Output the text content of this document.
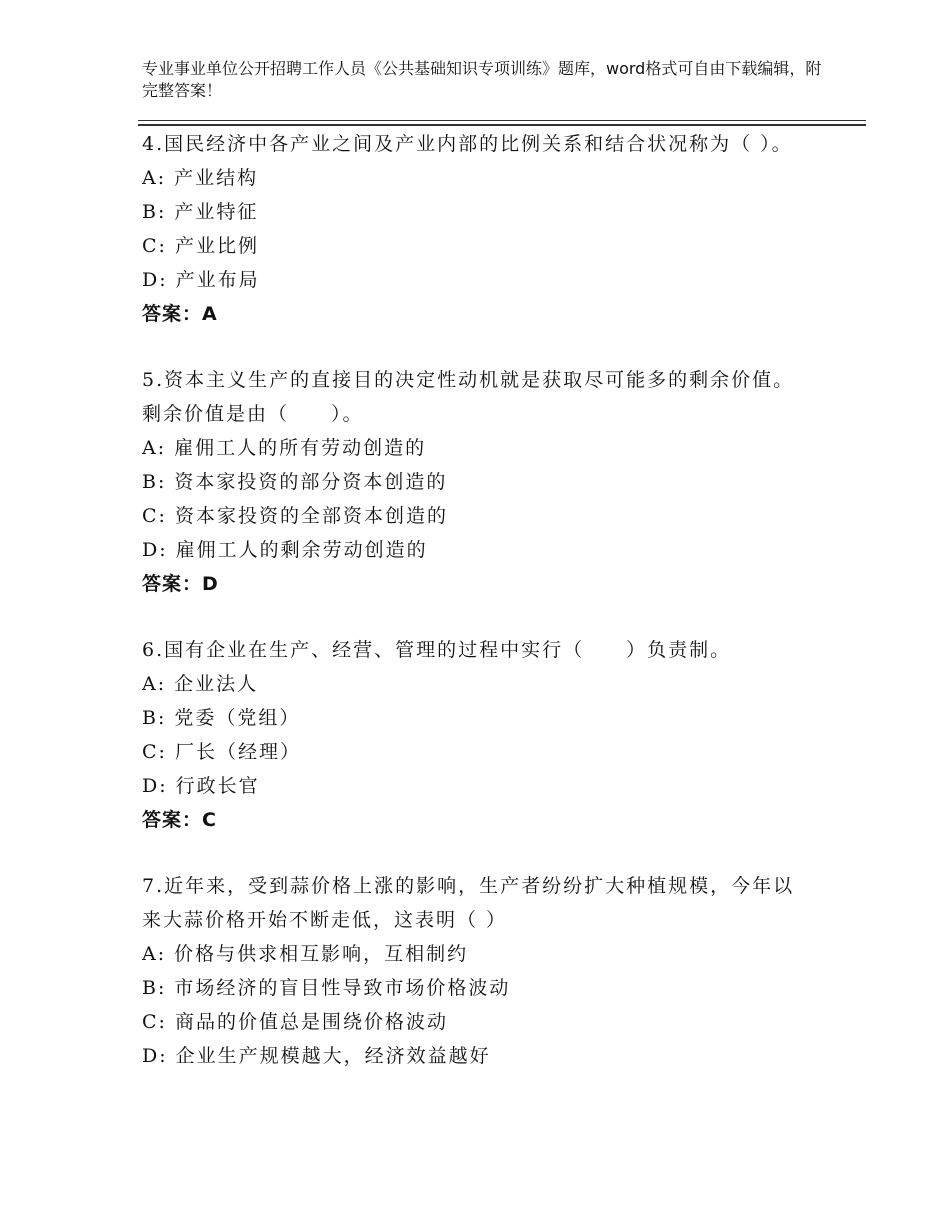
专业事业单位公开招聘工作人员《公共基础知识专项训练》题库，word格式可自由下载编辑，附完整答案！
4.国民经济中各产业之间及产业内部的比例关系和结合状况称为（ ）。
A: 产业结构
B: 产业特征
C: 产业比例
D: 产业布局
答案：A
5.资本主义生产的直接目的决定性动机就是获取尽可能多的剩余价值。剩余价值是由（　　）。
A: 雇佣工人的所有劳动创造的
B: 资本家投资的部分资本创造的
C: 资本家投资的全部资本创造的
D: 雇佣工人的剩余劳动创造的
答案：D
6.国有企业在生产、经营、管理的过程中实行（　　）负责制。
A: 企业法人
B: 党委（党组）
C: 厂长（经理）
D: 行政长官
答案：C
7.近年来，受到蒜价格上涨的影响，生产者纷纷扩大种植规模，今年以来大蒜价格开始不断走低，这表明（ ）
A: 价格与供求相互影响，互相制约
B: 市场经济的盲目性导致市场价格波动
C: 商品的价值总是围绕价格波动
D: 企业生产规模越大，经济效益越好
